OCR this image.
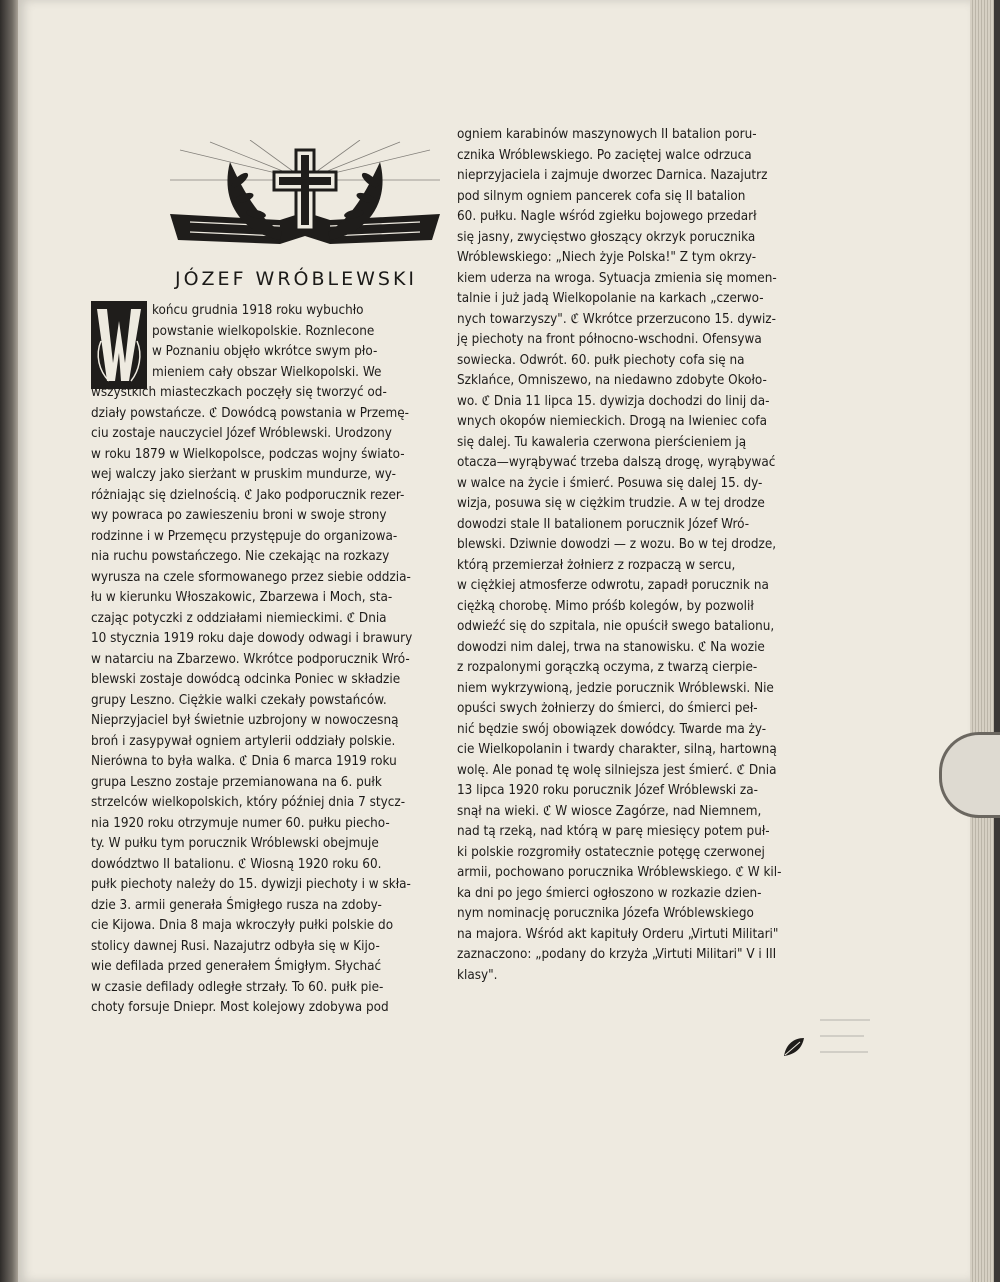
JÓZEF WRÓBLEWSKI
końcu grudnia 1918 roku wybuchło
powstanie wielkopolskie. Roznlecone
w Poznaniu objęło wkrótce swym pło-
mieniem cały obszar Wielkopolski. We
wszystkich miasteczkach poczęły się tworzyć od-
działy powstańcze. ℭ Dowódcą powstania w Przemę-
ciu zostaje nauczyciel Józef Wróblewski. Urodzony
w roku 1879 w Wielkopolsce, podczas wojny świato-
wej walczy jako sierżant w pruskim mundurze, wy-
różniając się dzielnością. ℭ Jako podporucznik rezer-
wy powraca po zawieszeniu broni w swoje strony
rodzinne i w Przemęcu przystępuje do organizowa-
nia ruchu powstańczego. Nie czekając na rozkazy
wyrusza na czele sformowanego przez siebie oddzia-
łu w kierunku Włoszakowic, Zbarzewa i Moch, sta-
czając potyczki z oddziałami niemieckimi. ℭ Dnia
10 stycznia 1919 roku daje dowody odwagi i brawury
w natarciu na Zbarzewo. Wkrótce podporucznik Wró-
blewski zostaje dowódcą odcinka Poniec w składzie
grupy Leszno. Ciężkie walki czekały powstańców.
Nieprzyjaciel był świetnie uzbrojony w nowoczesną
broń i zasypywał ogniem artylerii oddziały polskie.
Nierówna to była walka. ℭ Dnia 6 marca 1919 roku
grupa Leszno zostaje przemianowana na 6. pułk
strzelców wielkopolskich, który później dnia 7 stycz-
nia 1920 roku otrzymuje numer 60. pułku piecho-
ty. W pułku tym porucznik Wróblewski obejmuje
dowództwo II batalionu. ℭ Wiosną 1920 roku 60.
pułk piechoty należy do 15. dywizji piechoty i w skła-
dzie 3. armii generała Śmigłego rusza na zdoby-
cie Kijowa. Dnia 8 maja wkroczyły pułki polskie do
stolicy dawnej Rusi. Nazajutrz odbyła się w Kijo-
wie defilada przed generałem Śmigłym. Słychać
w czasie defilady odległe strzały. To 60. pułk pie-
choty forsuje Dniepr. Most kolejowy zdobywa pod
ogniem karabinów maszynowych II batalion poru-
cznika Wróblewskiego. Po zaciętej walce odrzuca
nieprzyjaciela i zajmuje dworzec Darnica. Nazajutrz
pod silnym ogniem pancerek cofa się II batalion
60. pułku. Nagle wśród zgiełku bojowego przedarł
się jasny, zwycięstwo głoszący okrzyk porucznika
Wróblewskiego: „Niech żyje Polska!" Z tym okrzy-
kiem uderza na wroga. Sytuacja zmienia się momen-
talnie i już jadą Wielkopolanie na karkach „czerwo-
nych towarzyszy". ℭ Wkrótce przerzucono 15. dywiz-
ję piechoty na front północno-wschodni. Ofensywa
sowiecka. Odwrót. 60. pułk piechoty cofa się na
Szklańce, Omniszewo, na niedawno zdobyte Około-
wo. ℭ Dnia 11 lipca 15. dywizja dochodzi do linij da-
wnych okopów niemieckich. Drogą na Iwieniec cofa
się dalej. Tu kawaleria czerwona pierścieniem ją
otacza—wyrąbywać trzeba dalszą drogę, wyrąbywać
w walce na życie i śmierć. Posuwa się dalej 15. dy-
wizja, posuwa się w ciężkim trudzie. A w tej drodze
dowodzi stale II batalionem porucznik Józef Wró-
blewski. Dziwnie dowodzi — z wozu. Bo w tej drodze,
którą przemierzał żołnierz z rozpaczą w sercu,
w ciężkiej atmosferze odwrotu, zapadł porucznik na
ciężką chorobę. Mimo próśb kolegów, by pozwolił
odwieźć się do szpitala, nie opuścił swego batalionu,
dowodzi nim dalej, trwa na stanowisku. ℭ Na wozie
z rozpalonymi gorączką oczyma, z twarzą cierpie-
niem wykrzywioną, jedzie porucznik Wróblewski. Nie
opuści swych żołnierzy do śmierci, do śmierci peł-
nić będzie swój obowiązek dowódcy. Twarde ma ży-
cie Wielkopolanin i twardy charakter, silną, hartowną
wolę. Ale ponad tę wolę silniejsza jest śmierć. ℭ Dnia
13 lipca 1920 roku porucznik Józef Wróblewski za-
snął na wieki. ℭ W wiosce Zagórze, nad Niemnem,
nad tą rzeką, nad którą w parę miesięcy potem puł-
ki polskie rozgromiły ostatecznie potęgę czerwonej
armii, pochowano porucznika Wróblewskiego. ℭ W kil-
ka dni po jego śmierci ogłoszono w rozkazie dzien-
nym nominację porucznika Józefa Wróblewskiego
na majora. Wśród akt kapituły Orderu „Virtuti Militari"
zaznaczono: „podany do krzyża „Virtuti Militari" V i III
klasy".
